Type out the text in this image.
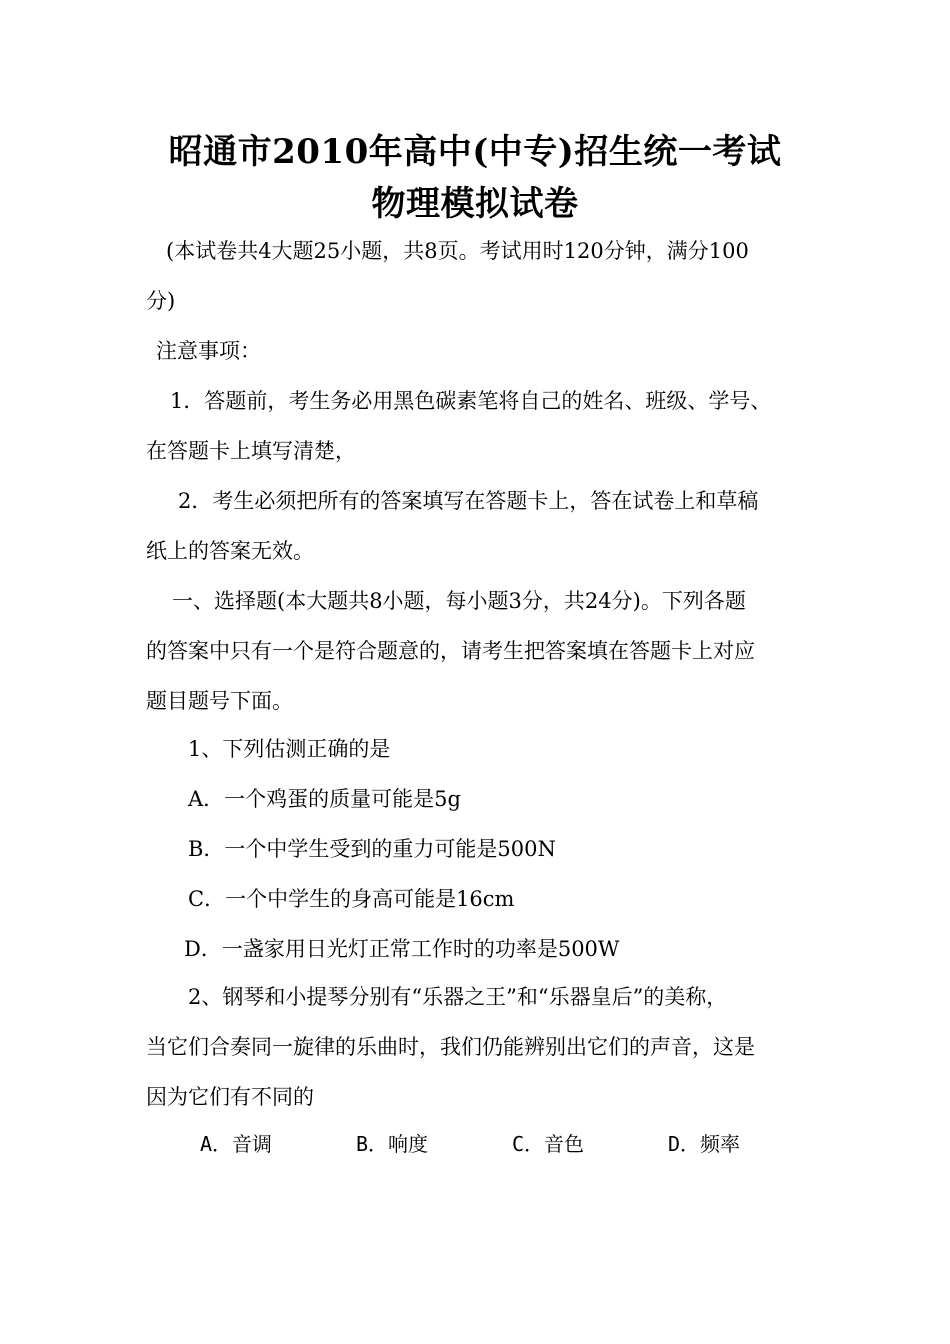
昭通市2010年高中(中专)招生统一考试
物理模拟试卷
(本试卷共4大题25小题，共8页。考试用时120分钟，满分100
分)
注意事项：
1．答题前，考生务必用黑色碳素笔将自己的姓名、班级、学号、
在答题卡上填写清楚，
2．考生必须把所有的答案填写在答题卡上，答在试卷上和草稿
纸上的答案无效。
一、选择题(本大题共8小题，每小题3分，共24分)。下列各题
的答案中只有一个是符合题意的，请考生把答案填在答题卡上对应
题目题号下面。
1、下列估测正确的是
A．一个鸡蛋的质量可能是5g
B．一个中学生受到的重力可能是500N
C．一个中学生的身高可能是16cm
D．一盏家用日光灯正常工作时的功率是500W
2、钢琴和小提琴分别有“乐器之王”和“乐器皇后”的美称，
当它们合奏同一旋律的乐曲时，我们仍能辨别出它们的声音，这是
因为它们有不同的
A．音调	B．响度	C．音色	D．频率
